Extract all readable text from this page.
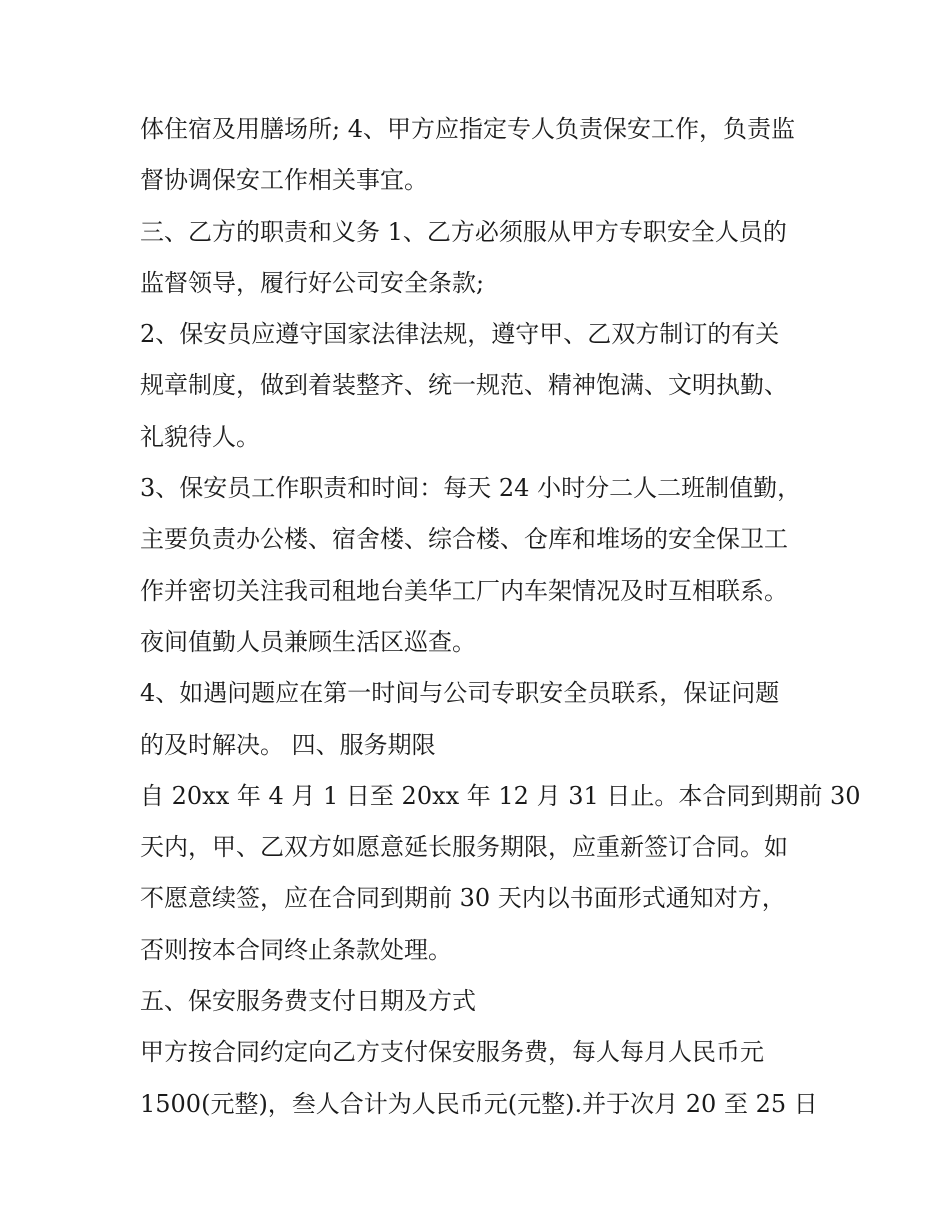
体住宿及用膳场所; 4、甲方应指定专人负责保安工作，负责监
督协调保安工作相关事宜。
三、乙方的职责和义务 1、乙方必须服从甲方专职安全人员的
监督领导，履行好公司安全条款;
2、保安员应遵守国家法律法规，遵守甲、乙双方制订的有关
规章制度，做到着装整齐、统一规范、精神饱满、文明执勤、
礼貌待人。
3、保安员工作职责和时间：每天 24 小时分二人二班制值勤，
主要负责办公楼、宿舍楼、综合楼、仓库和堆场的安全保卫工
作并密切关注我司租地台美华工厂内车架情况及时互相联系。
夜间值勤人员兼顾生活区巡查。
4、如遇问题应在第一时间与公司专职安全员联系，保证问题
的及时解决。 四、服务期限
自 20xx 年 4 月 1 日至 20xx 年 12 月 31 日止。本合同到期前 30
天内，甲、乙双方如愿意延长服务期限，应重新签订合同。如
不愿意续签，应在合同到期前 30 天内以书面形式通知对方，
否则按本合同终止条款处理。
五、保安服务费支付日期及方式
甲方按合同约定向乙方支付保安服务费，每人每月人民币元
1500(元整)，叁人合计为人民币元(元整).并于次月 20 至 25 日
